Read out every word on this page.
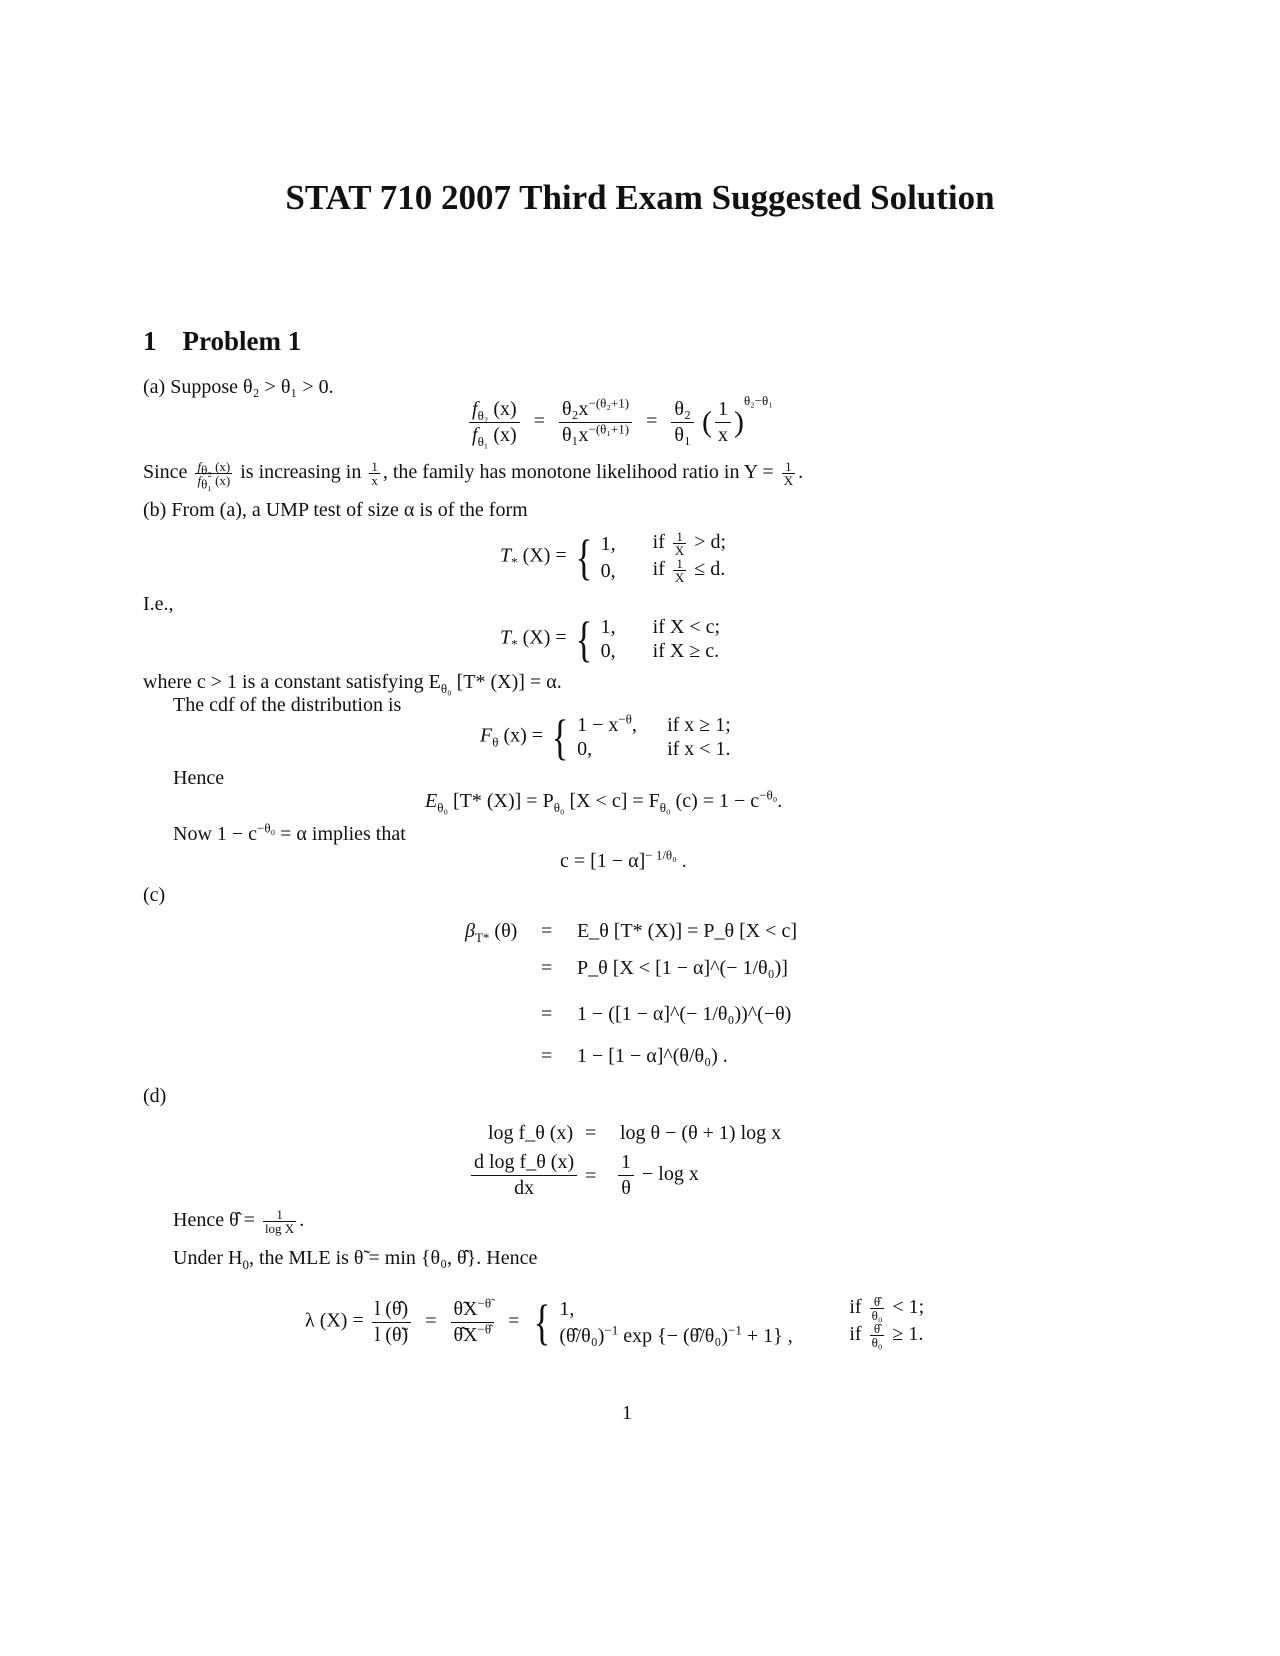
STAT 710 2007 Third Exam Suggested Solution
1 Problem 1
(a) Suppose θ₂ > θ₁ > 0.
$\frac{f_{\theta_2} (x)}{f_{\theta_1} (x)} = \frac{\theta_2x^{-(\theta_2+1)}}{\theta_1x^{-(\theta_1+1)}} = \frac{\text{θ₂}}{\text{θ₁}}$ ( $\frac{1}{x} )^{\theta_2-\theta_1}$
Since $\frac{f_{\theta_2} (x)}{f_{\theta_1} (x)}$ is increasing in $\frac{1}{x}$ , the family has monotone likelihood ratio in $Y = \frac{1}{X}$ .
(b) From (a), a UMP test of size α is of the form
$T_*$ (X) = { 1,	if $\frac{1}{X} > d$;
0,	if $\frac{1}{X} \le d$.
I.e.,
$T_*$ (X) = { 1,	if X < c;
0,	if X ≥ c.
where c > 1 is a constant satisfying $E_{\theta_0}$ [T* (X)] = α.
The cdf of the distribution is
$F_\theta$ (x) = { $1 - x^{-\theta}$,	if x ≥ 1;
0,	if x < 1.
Hence
$E_{\theta_0}$ [T* $(X)] = P_{\theta_0}$ $[X < c] = F_{\theta_0}$ $(c) = 1 - c^{-\theta_0}$.
Now $1 - c^{-\theta_0} = \alpha$ implies that
$c = [1 - \alpha]^{- 1/\theta_0}$ .
(c)
$\beta_{T*}$ (θ) = E_θ [T* (X)] = P_θ [X < c]
= P_θ [X < [1 − α]^(− 1/θ₀)]
= 1 − ([1 − α]^(− 1/θ₀))^(−θ)
= 1 − [1 − α]^(θ/θ₀) .
(d)
log f_θ (x) = log θ − (θ + 1) log x
$\frac{\text{d log f\_θ (x)}}{dx} = \frac{1}{\theta} - \log x$
Hence θ̂ = $\frac{1}{\text{log X}}$ .
Under $H_0$, the MLE is θ̃ = min {θ₀, θ̂}. Hence
λ $(X) = \frac{l (\thetâ)}{l (\thetã)} = \frac{\thetãX^{-\thetã}}{\thetâX^{-\thetâ}}$ = { 1,	if $\frac{\thetâ}{\text{θ₀}} < 1$;
(θ̂/θ₀)$^{-1}$ exp {− (θ̂/θ₀)$^{-1}$ + 1} ,	if $\frac{\thetâ}{\text{θ₀}} \ge 1$.
1
